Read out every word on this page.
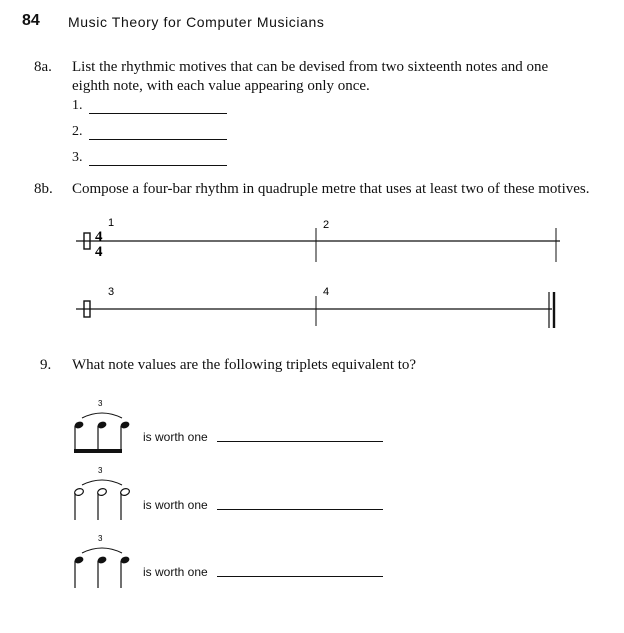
84 Music Theory for Computer Musicians
8a. List the rhythmic motives that can be devised from two sixteenth notes and one
eighth note, with each value appearing only once.
1.
2.
3.
8b. Compose a four-bar rhythm in quadruple metre that uses at least two of these motives.
4
4
1	2
3	4
3
3
3
9. What note values are the following triplets equivalent to?
is worth one
is worth one
is worth one
